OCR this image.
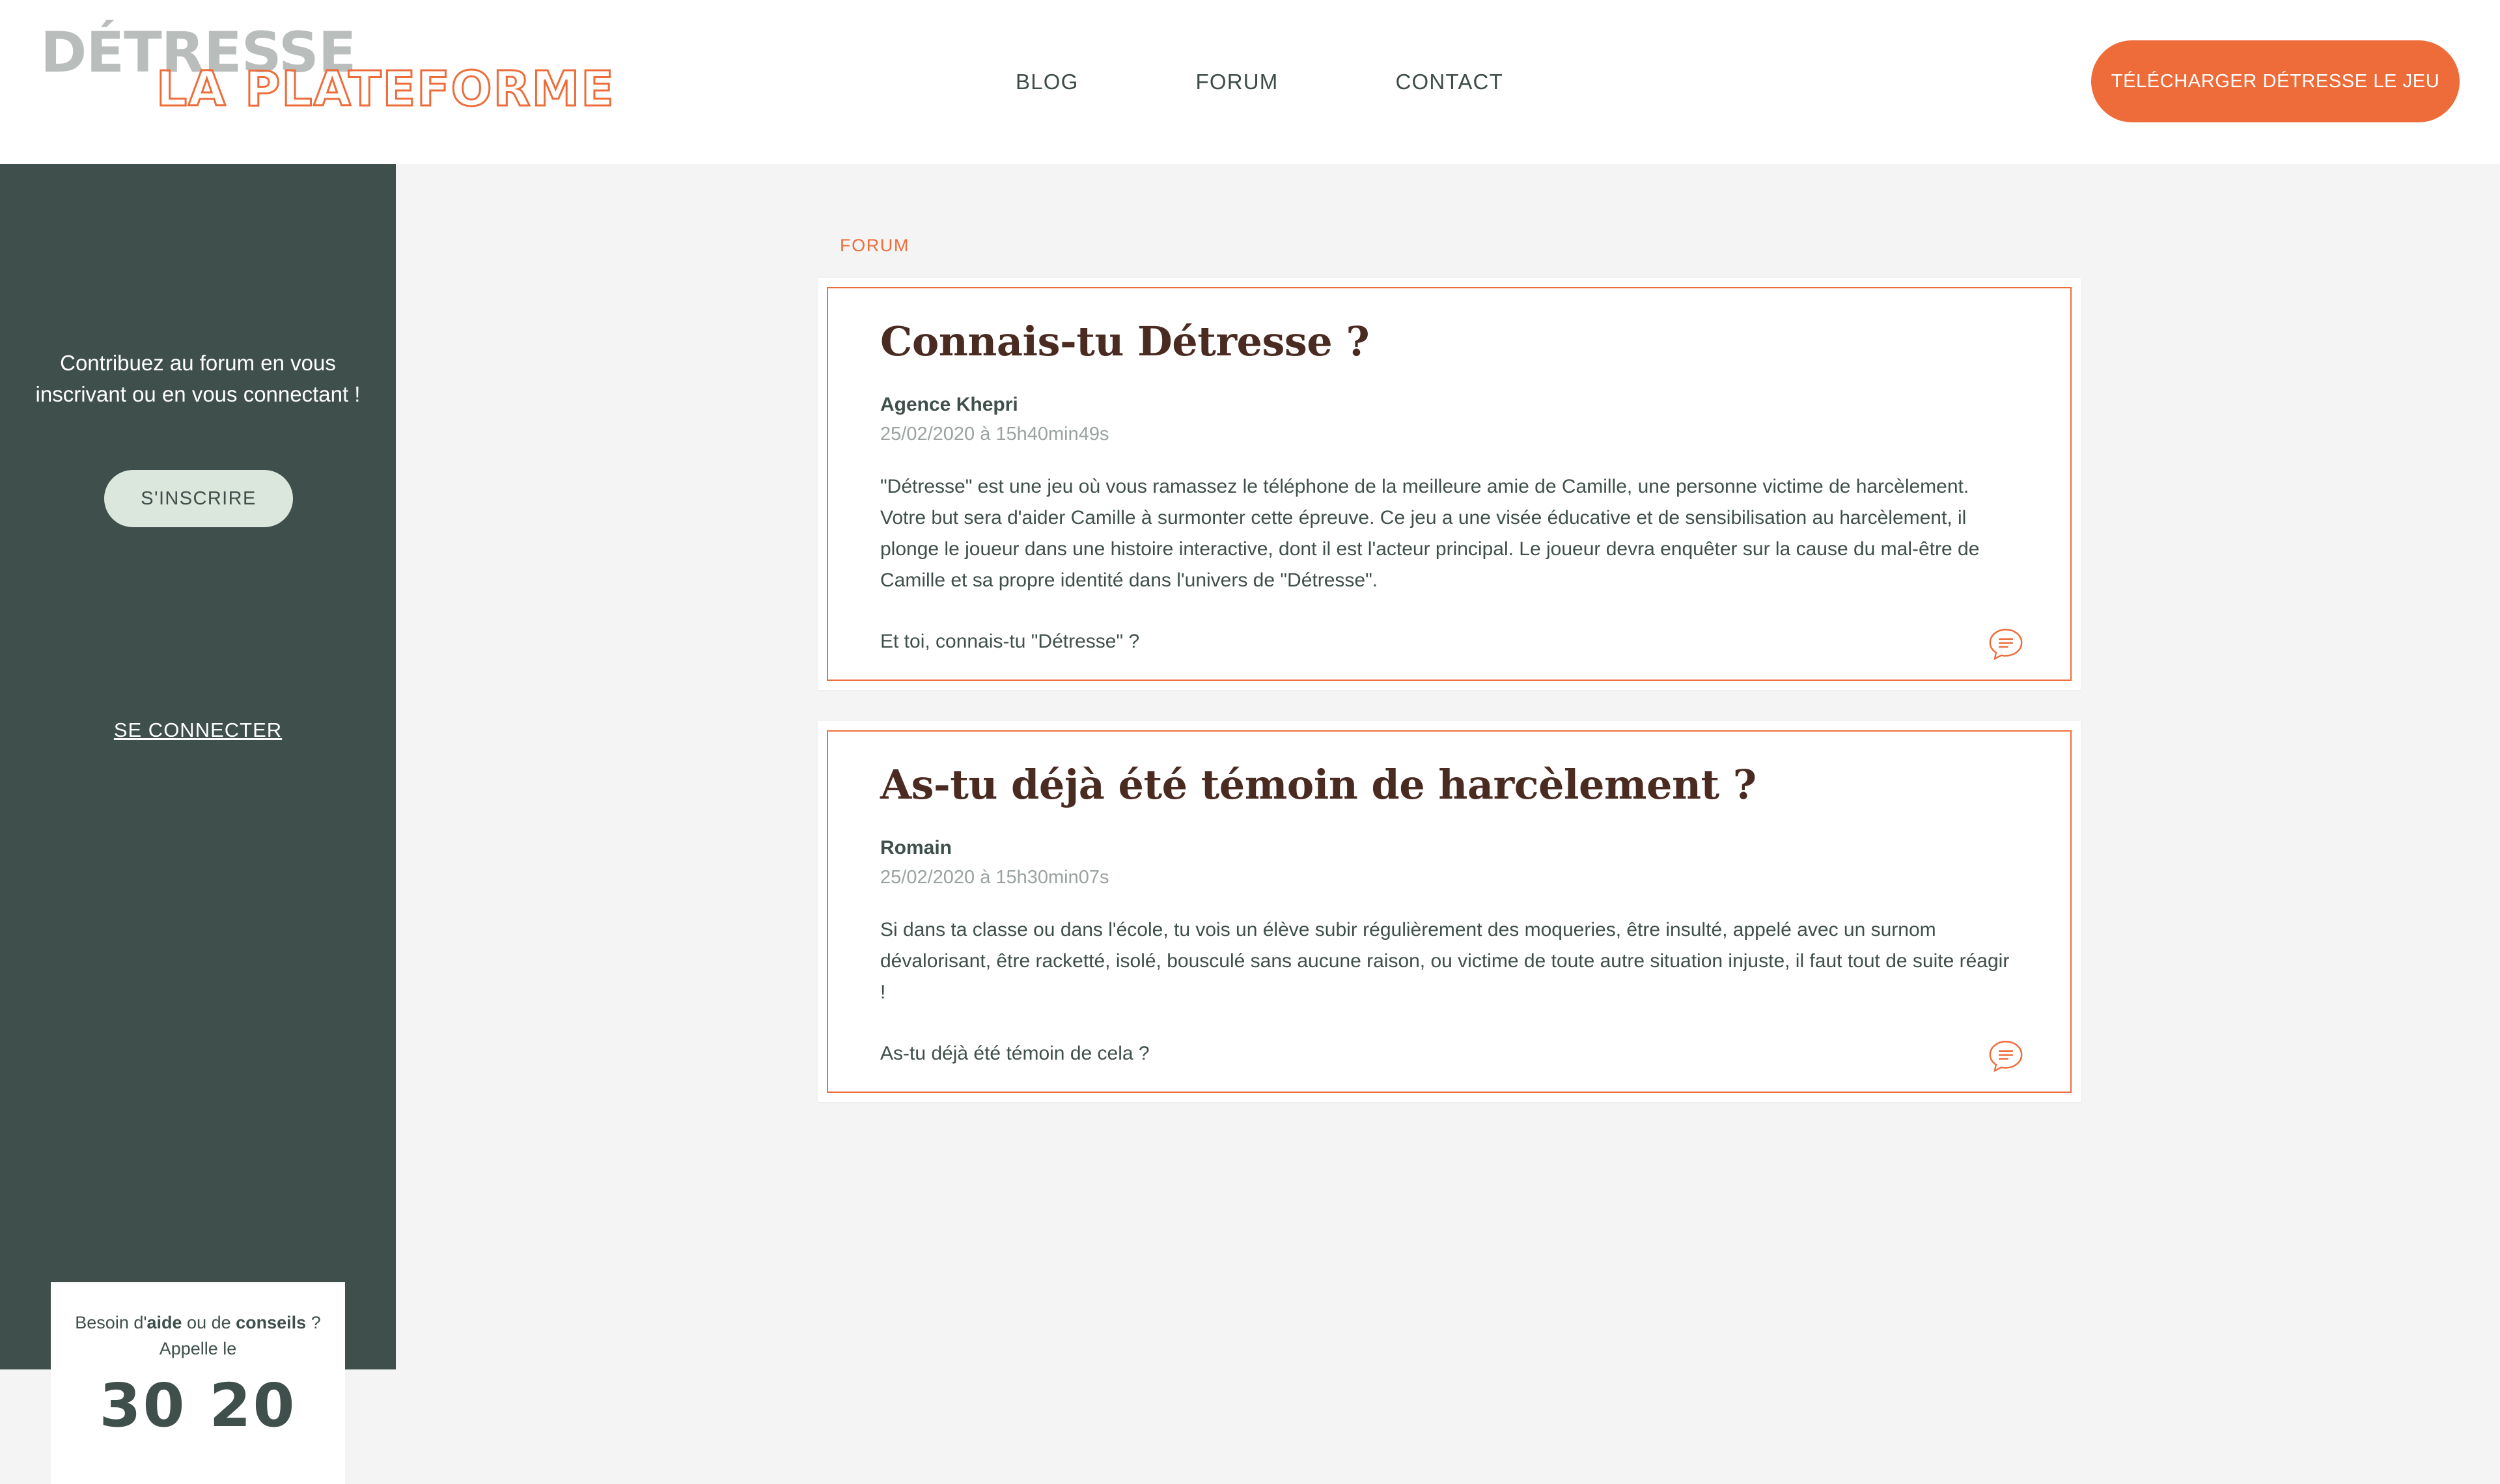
DÉTRESSE
LA PLATEFORME	BLOG	FORUM	CONTACT	TÉLÉCHARGER DÉTRESSE LE JEU
Contribuez au forum en vous inscrivant ou en vous connectant !
S'INSCRIRE
SE CONNECTER
Besoin d'aide ou de conseils ?
Appelle le
30 20
FORUM
Connais-tu Détresse ?
Agence Khepri
25/02/2020 à 15h40min49s

"Détresse" est une jeu où vous ramassez le téléphone de la meilleure amie de Camille, une personne victime de harcèlement. Votre but sera d'aider Camille à surmonter cette épreuve. Ce jeu a une visée éducative et de sensibilisation au harcèlement, il plonge le joueur dans une histoire interactive, dont il est l'acteur principal. Le joueur devra enquêter sur la cause du mal-être de Camille et sa propre identité dans l'univers de "Détresse".

Et toi, connais-tu "Détresse" ?

As-tu déjà été témoin de harcèlement ?
Romain
25/02/2020 à 15h30min07s

Si dans ta classe ou dans l'école, tu vois un élève subir régulièrement des moqueries, être insulté, appelé avec un surnom dévalorisant, être racketté, isolé, bousculé sans aucune raison, ou victime de toute autre situation injuste, il faut tout de suite réagir !

As-tu déjà été témoin de cela ?
